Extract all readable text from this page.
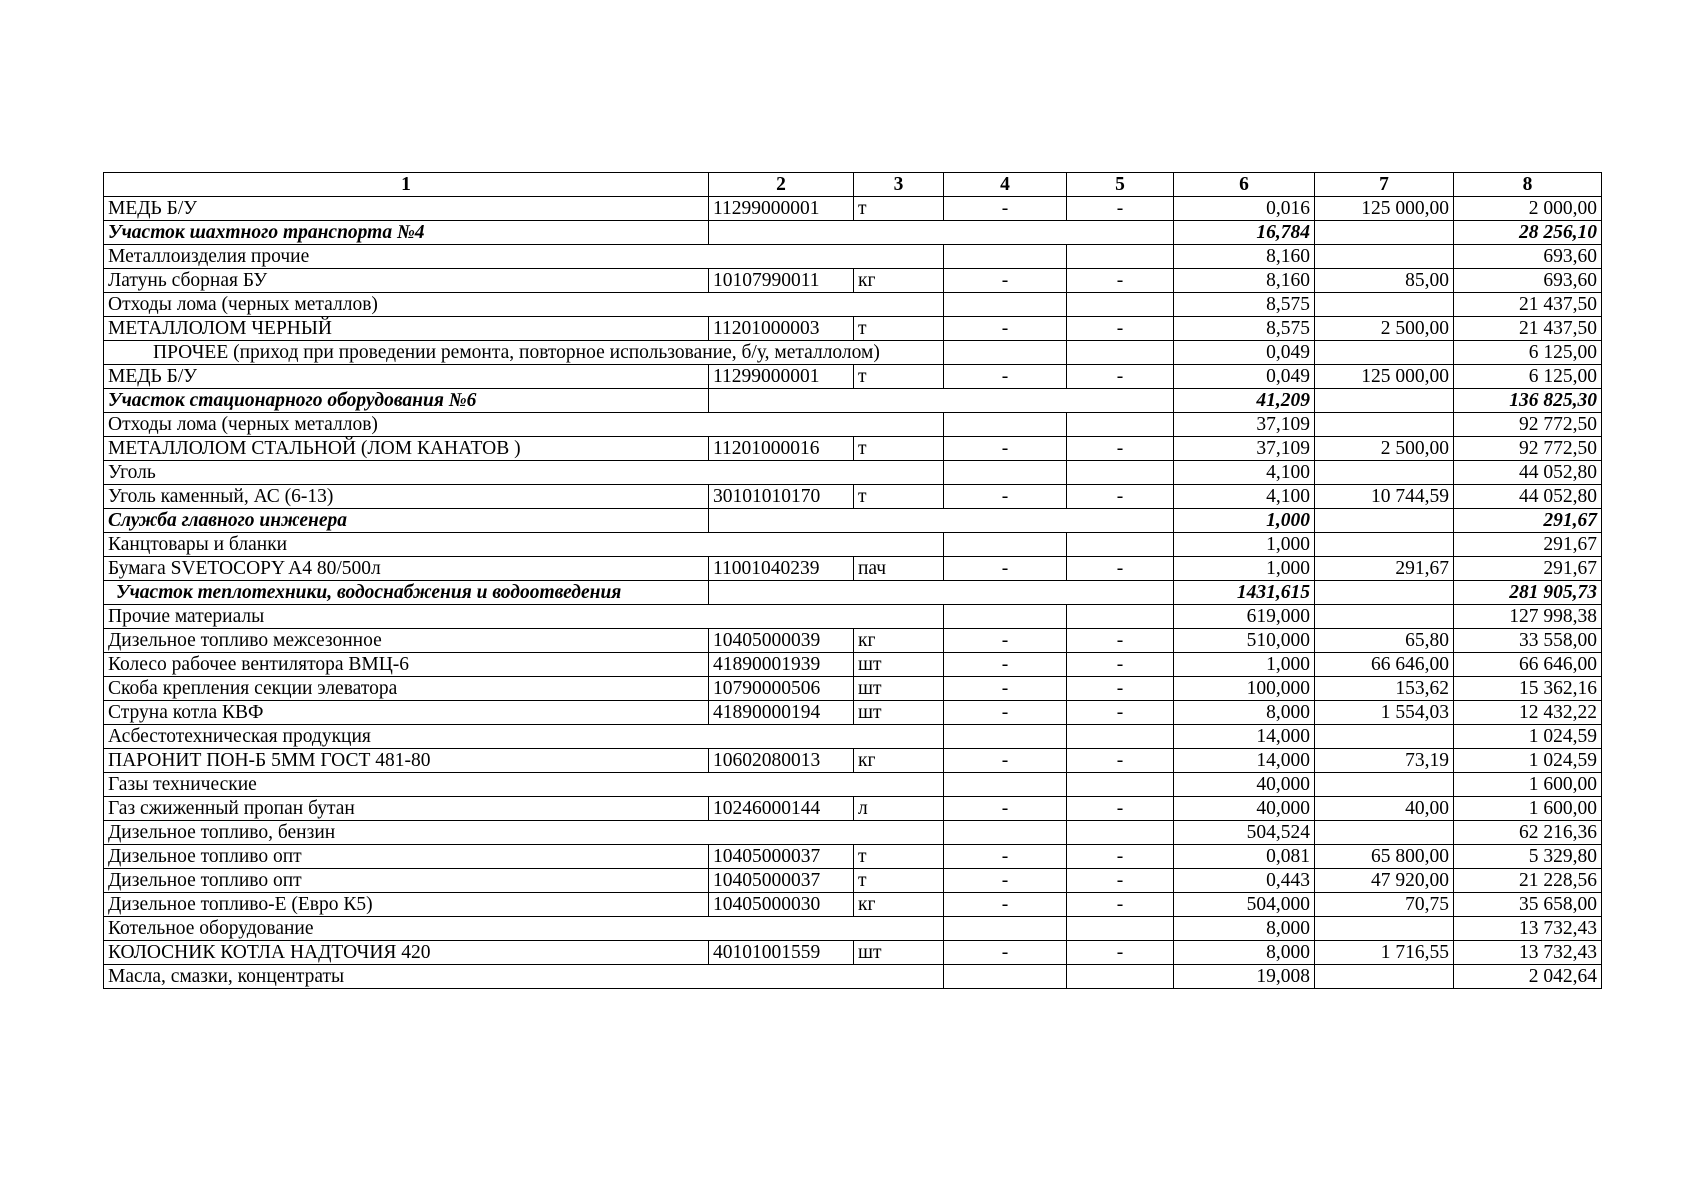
1	2	3	4	5	6	7	8
МЕДЬ Б/У	11299000001	т	-	-	0,016	125 000,00	2 000,00
Участок шахтного транспорта №4					16,784		28 256,10
Металлоизделия прочие					8,160		693,60
Латунь сборная БУ	10107990011	кг	-	-	8,160	85,00	693,60
Отходы лома (черных металлов)					8,575		21 437,50
МЕТАЛЛОЛОМ ЧЕРНЫЙ	11201000003	т	-	-	8,575	2 500,00	21 437,50
ПРОЧЕЕ (приход при проведении ремонта, повторное использование, б/у, металлолом)					0,049		6 125,00
МЕДЬ Б/У	11299000001	т	-	-	0,049	125 000,00	6 125,00
Участок стационарного оборудования №6					41,209		136 825,30
Отходы лома (черных металлов)					37,109		92 772,50
МЕТАЛЛОЛОМ СТАЛЬНОЙ (ЛОМ КАНАТОВ )	11201000016	т	-	-	37,109	2 500,00	92 772,50
Уголь					4,100		44 052,80
Уголь каменный, АС (6-13)	30101010170	т	-	-	4,100	10 744,59	44 052,80
Служба главного инженера					1,000		291,67
Канцтовары и бланки					1,000		291,67
Бумага SVETOCOPY A4 80/500л	11001040239	пач	-	-	1,000	291,67	291,67
Участок теплотехники, водоснабжения и водоотведения					1431,615		281 905,73
Прочие материалы					619,000		127 998,38
Дизельное топливо межсезонное	10405000039	кг	-	-	510,000	65,80	33 558,00
Колесо рабочее вентилятора ВМЦ-6	41890001939	шт	-	-	1,000	66 646,00	66 646,00
Скоба крепления секции элеватора	10790000506	шт	-	-	100,000	153,62	15 362,16
Струна котла КВФ	41890000194	шт	-	-	8,000	1 554,03	12 432,22
Асбестотехническая продукция					14,000		1 024,59
ПАРОНИТ ПОН-Б 5ММ ГОСТ 481-80	10602080013	кг	-	-	14,000	73,19	1 024,59
Газы технические					40,000		1 600,00
Газ сжиженный пропан бутан	10246000144	л	-	-	40,000	40,00	1 600,00
Дизельное топливо, бензин					504,524		62 216,36
Дизельное топливо опт	10405000037	т	-	-	0,081	65 800,00	5 329,80
Дизельное топливо опт	10405000037	т	-	-	0,443	47 920,00	21 228,56
Дизельное топливо-Е (Евро К5)	10405000030	кг	-	-	504,000	70,75	35 658,00
Котельное оборудование					8,000		13 732,43
КОЛОСНИК КОТЛА НАДТОЧИЯ 420	40101001559	шт	-	-	8,000	1 716,55	13 732,43
Масла, смазки, концентраты					19,008		2 042,64
